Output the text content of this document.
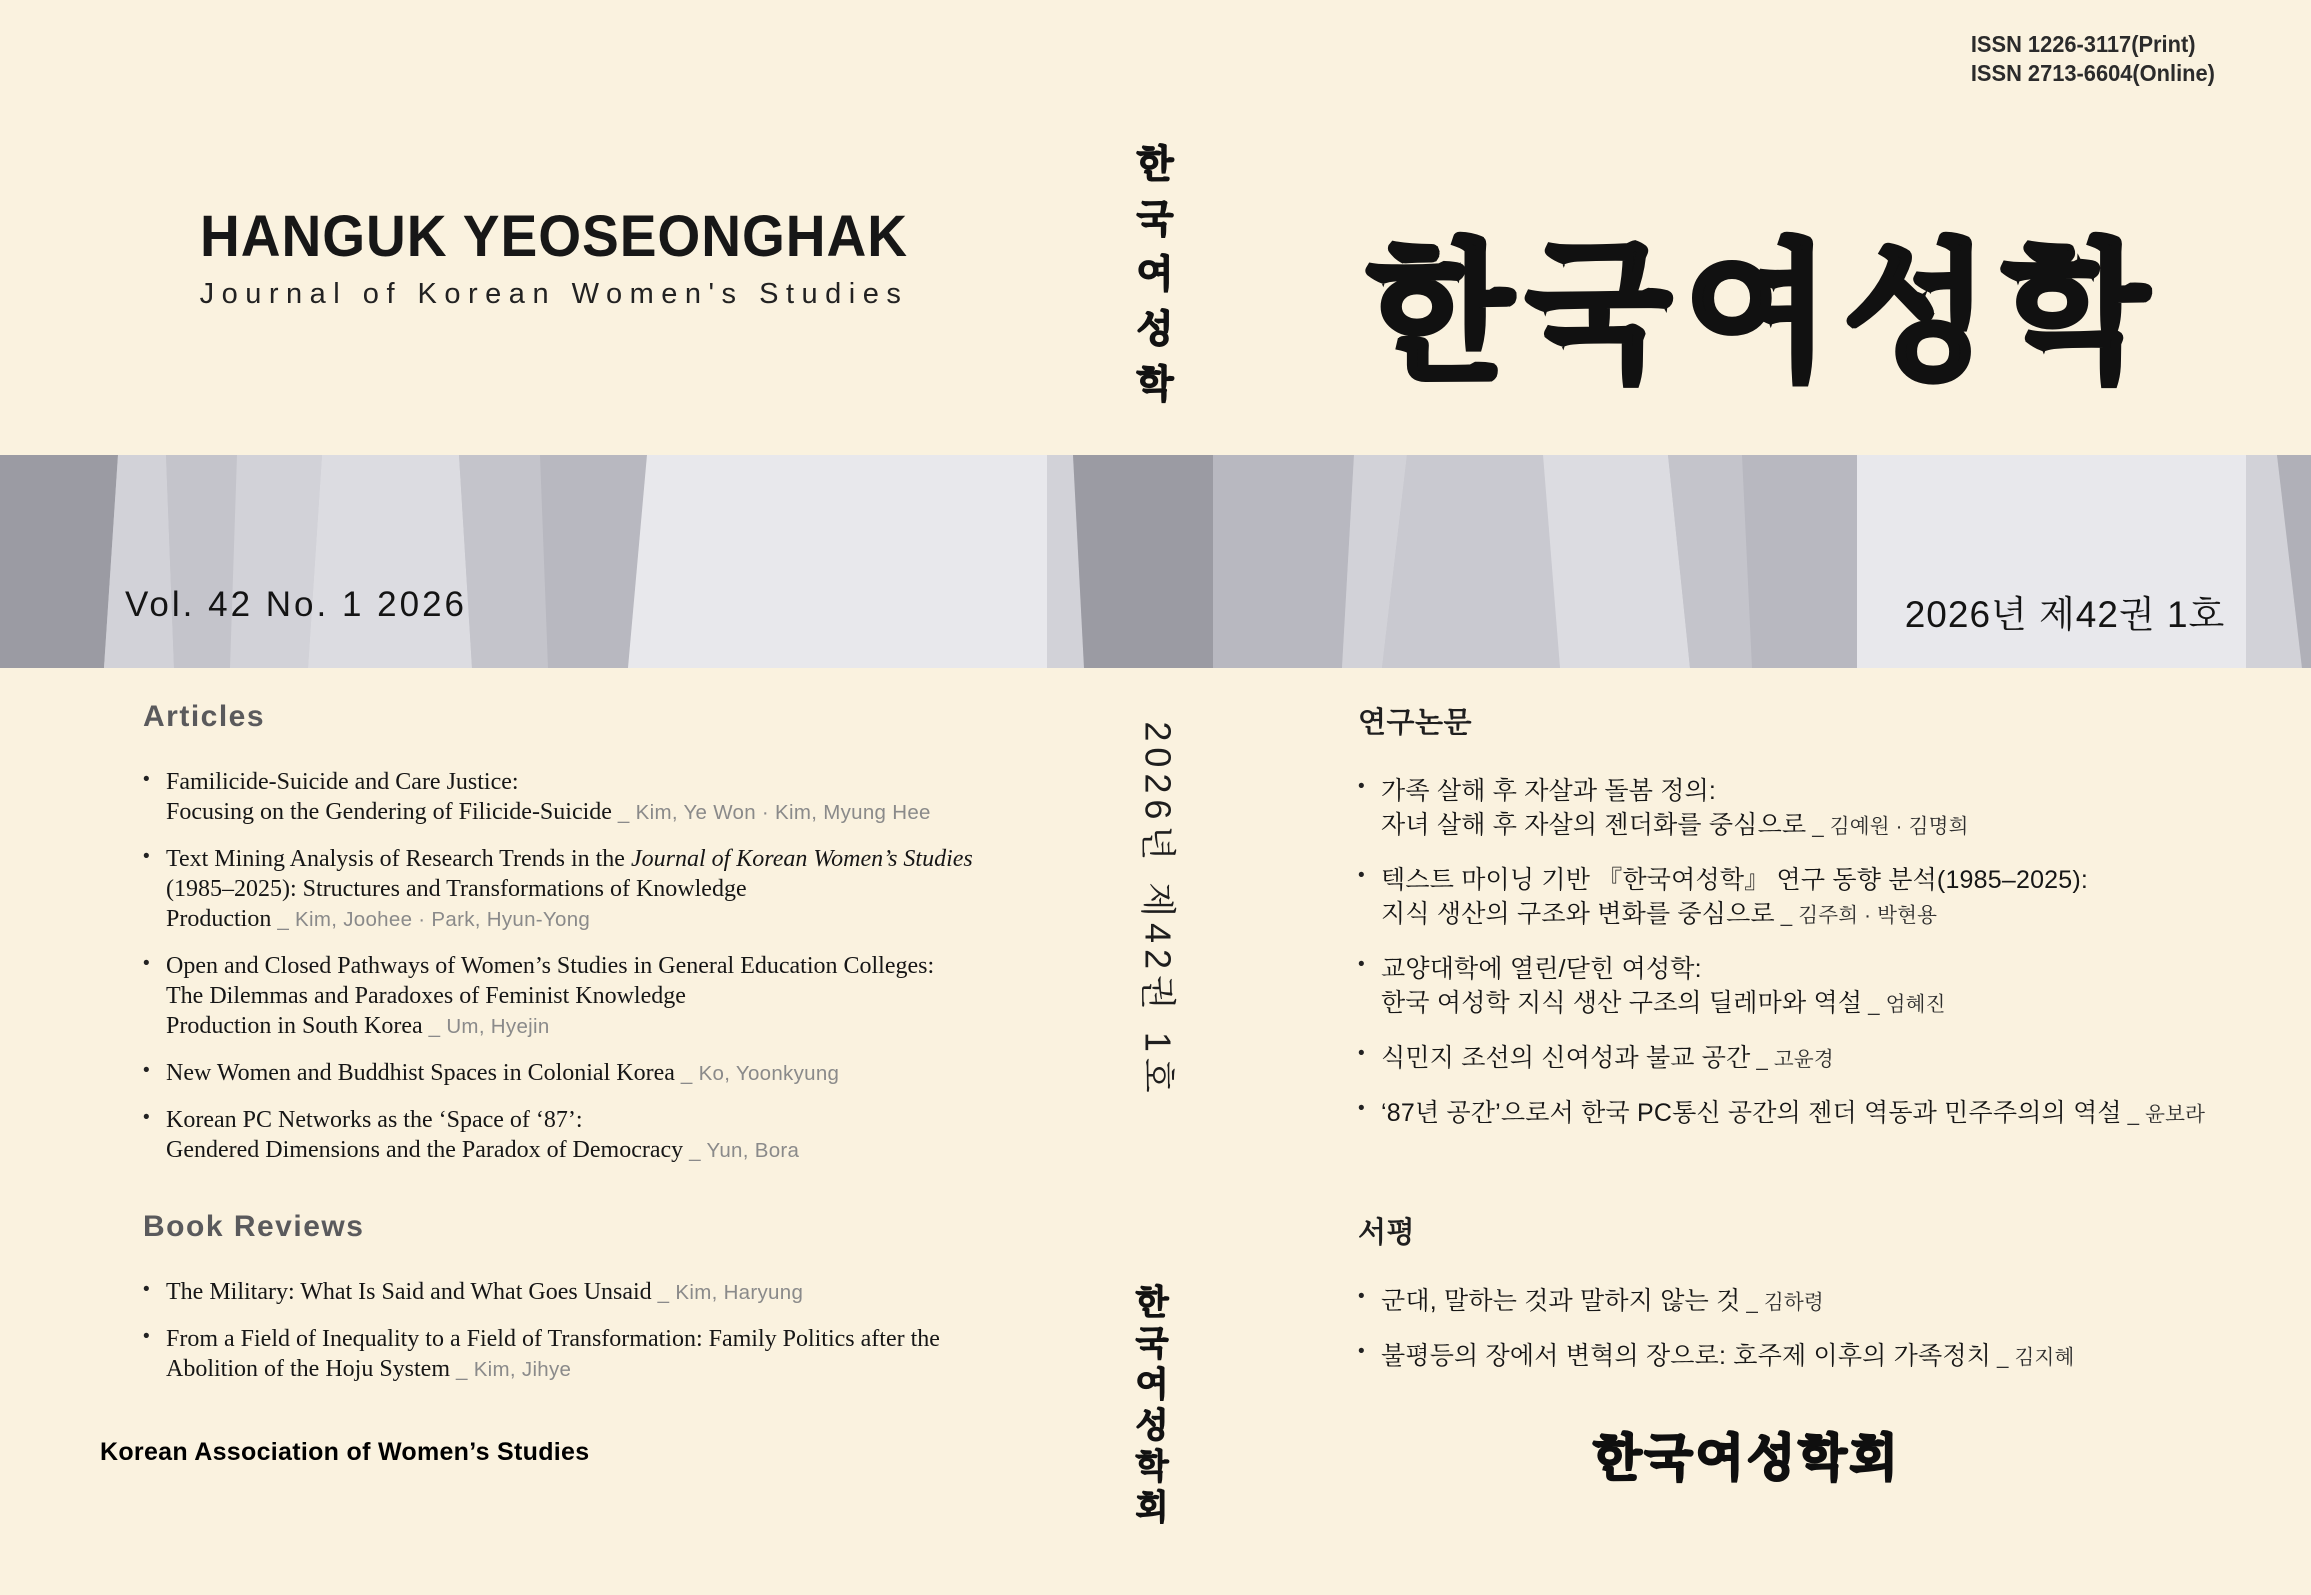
ISSN 1226-3117(Print)
ISSN 2713-6604(Online)
HANGUK YEOSEONGHAK
Journal of Korean Women's Studies
한
국
여
성
학	한국여성학
Vol. 42 No. 1 2026	2026년 제42권 1호
2026년 제42권 1호
한
국
여
성
학
회
Articles
• Familicide-Suicide and Care Justice:
Focusing on the Gendering of Filicide-Suicide _ Kim, Ye Won · Kim, Myung Hee
• Text Mining Analysis of Research Trends in the Journal of Korean Women’s Studies
(1985–2025): Structures and Transformations of Knowledge
Production _ Kim, Joohee · Park, Hyun-Yong
• Open and Closed Pathways of Women’s Studies in General Education Colleges:
The Dilemmas and Paradoxes of Feminist Knowledge
Production in South Korea _ Um, Hyejin
• New Women and Buddhist Spaces in Colonial Korea _ Ko, Yoonkyung
• Korean PC Networks as the ‘Space of ‘87’:
Gendered Dimensions and the Paradox of Democracy _ Yun, Bora
Book Reviews
• The Military: What Is Said and What Goes Unsaid _ Kim, Haryung
• From a Field of Inequality to a Field of Transformation: Family Politics after the
Abolition of the Hoju System _ Kim, Jihye
Korean Association of Women’s Studies
연구논문
• 가족 살해 후 자살과 돌봄 정의:
자녀 살해 후 자살의 젠더화를 중심으로 _ 김예원 · 김명희
• 텍스트 마이닝 기반 『한국여성학』 연구 동향 분석(1985–2025):
지식 생산의 구조와 변화를 중심으로 _ 김주희 · 박현용
• 교양대학에 열린/닫힌 여성학:
한국 여성학 지식 생산 구조의 딜레마와 역설 _ 엄혜진
• 식민지 조선의 신여성과 불교 공간 _ 고윤경
• ‘87년 공간’으로서 한국 PC통신 공간의 젠더 역동과 민주주의의 역설 _ 윤보라
서평
• 군대, 말하는 것과 말하지 않는 것 _ 김하령
• 불평등의 장에서 변혁의 장으로: 호주제 이후의 가족정치 _ 김지혜
한국여성학회
